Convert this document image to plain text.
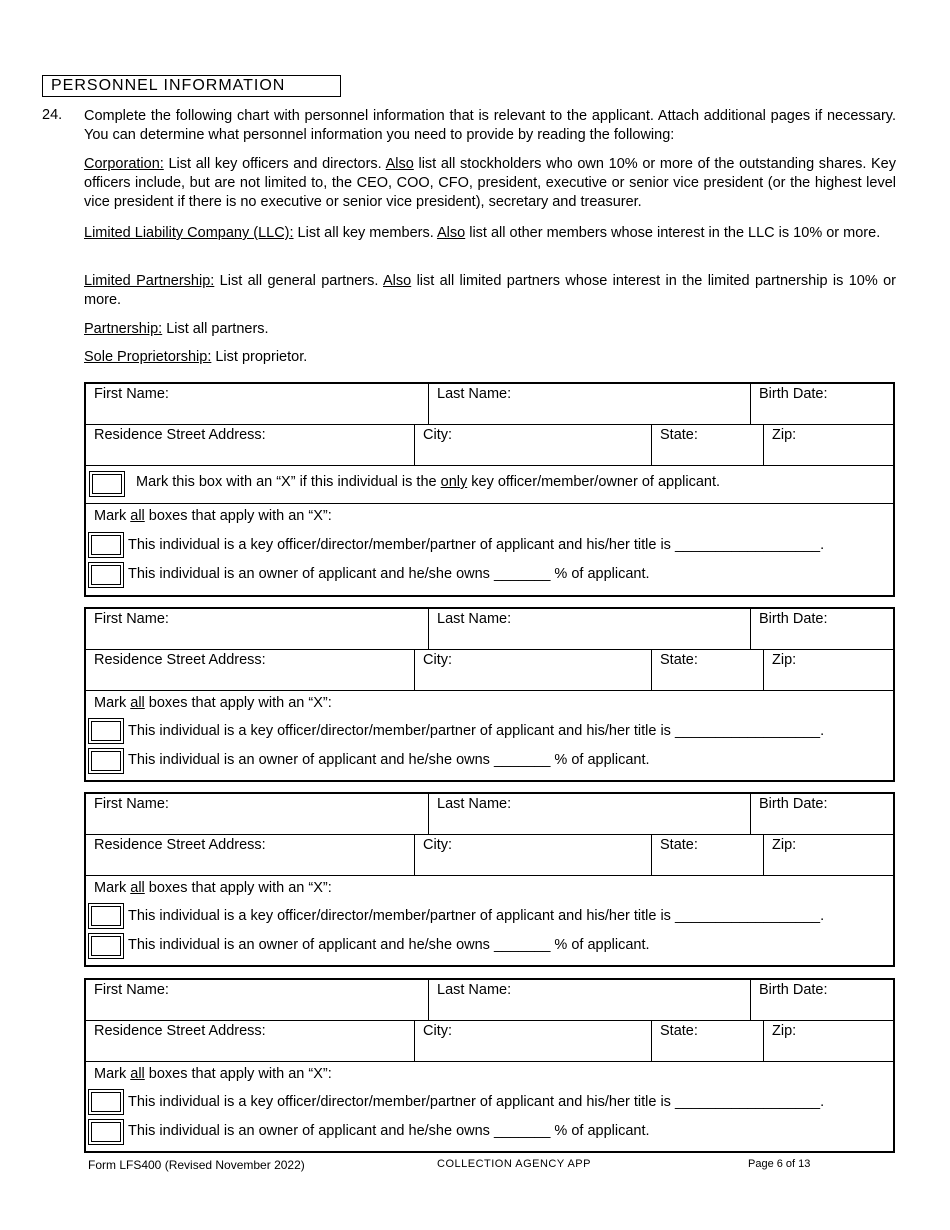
PERSONNEL INFORMATION
24. Complete the following chart with personnel information that is relevant to the applicant. Attach additional pages if necessary. You can determine what personnel information you need to provide by reading the following:
Corporation: List all key officers and directors. Also list all stockholders who own 10% or more of the outstanding shares. Key officers include, but are not limited to, the CEO, COO, CFO, president, executive or senior vice president (or the highest level vice president if there is no executive or senior vice president), secretary and treasurer.
Limited Liability Company (LLC): List all key members. Also list all other members whose interest in the LLC is 10% or more.
Limited Partnership: List all general partners. Also list all limited partners whose interest in the limited partnership is 10% or more.
Partnership: List all partners.
Sole Proprietorship: List proprietor.
First Name:	Last Name:	Birth Date:
Residence Street Address:	City:	State:	Zip:
Mark this box with an “X” if this individual is the only key officer/member/owner of applicant.
Mark all boxes that apply with an “X”:
This individual is a key officer/director/member/partner of applicant and his/her title is __________________.
This individual is an owner of applicant and he/she owns _______ % of applicant.
First Name:	Last Name:	Birth Date:
Residence Street Address:	City:	State:	Zip:
Mark all boxes that apply with an “X”:
This individual is a key officer/director/member/partner of applicant and his/her title is __________________.
This individual is an owner of applicant and he/she owns _______ % of applicant.
First Name:	Last Name:	Birth Date:
Residence Street Address:	City:	State:	Zip:
Mark all boxes that apply with an “X”:
This individual is a key officer/director/member/partner of applicant and his/her title is __________________.
This individual is an owner of applicant and he/she owns _______ % of applicant.
First Name:	Last Name:	Birth Date:
Residence Street Address:	City:	State:	Zip:
Mark all boxes that apply with an “X”:
This individual is a key officer/director/member/partner of applicant and his/her title is __________________.
This individual is an owner of applicant and he/she owns _______ % of applicant.
Form LFS400 (Revised November 2022)	COLLECTION AGENCY APP	Page 6 of 13
